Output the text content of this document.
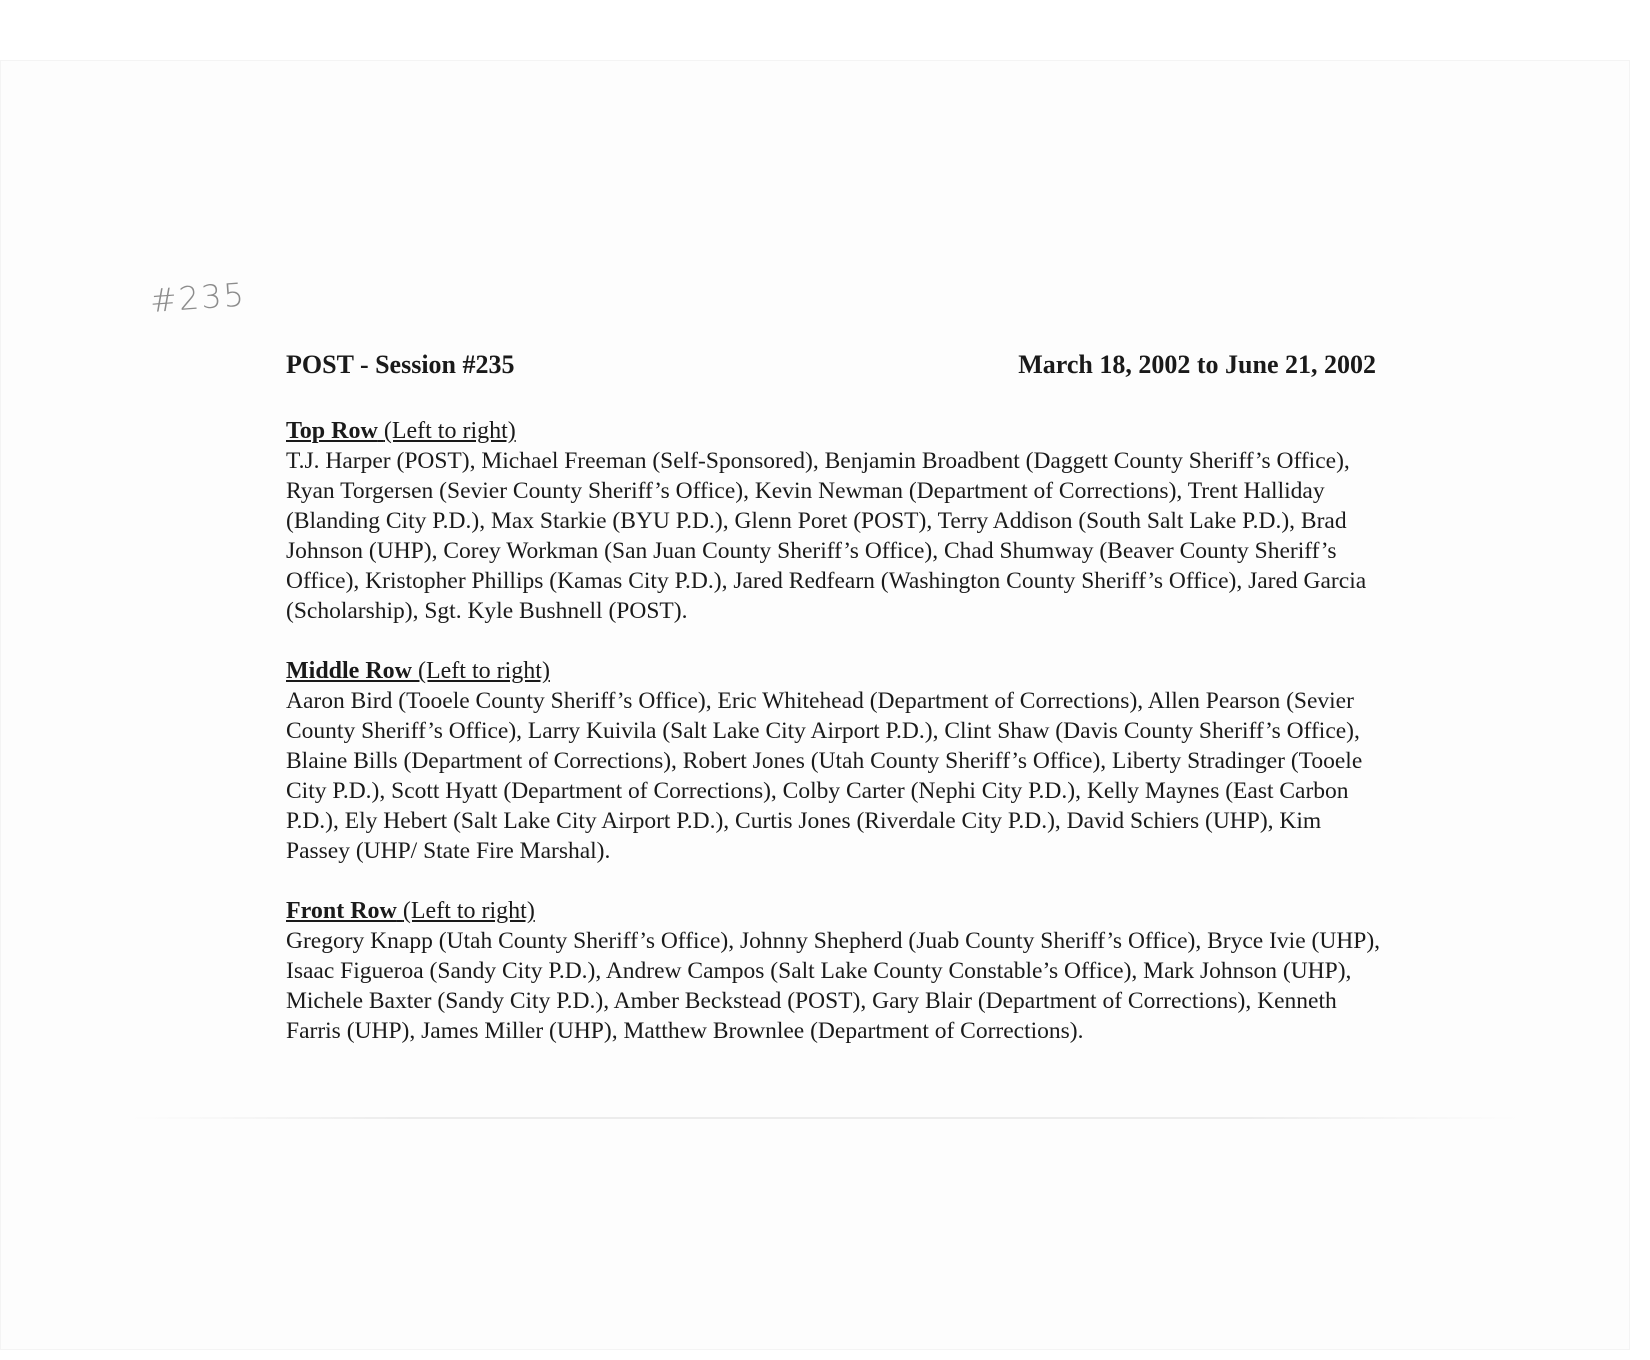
#235
POST - Session #235	March 18, 2002 to June 21, 2002
Top Row (Left to right)

T.J. Harper (POST), Michael Freeman (Self-Sponsored), Benjamin Broadbent (Daggett County Sheriff’s Office), Ryan Torgersen (Sevier County Sheriff’s Office), Kevin Newman (Department of Corrections), Trent Halliday (Blanding City P.D.), Max Starkie (BYU P.D.), Glenn Poret (POST), Terry Addison (South Salt Lake P.D.), Brad Johnson (UHP), Corey Workman (San Juan County Sheriff’s Office), Chad Shumway (Beaver County Sheriff’s Office), Kristopher Phillips (Kamas City P.D.), Jared Redfearn (Washington County Sheriff’s Office), Jared Garcia (Scholarship), Sgt. Kyle Bushnell (POST).

Middle Row (Left to right)

Aaron Bird (Tooele County Sheriff’s Office), Eric Whitehead (Department of Corrections), Allen Pearson (Sevier County Sheriff’s Office), Larry Kuivila (Salt Lake City Airport P.D.), Clint Shaw (Davis County Sheriff’s Office), Blaine Bills (Department of Corrections), Robert Jones (Utah County Sheriff’s Office), Liberty Stradinger (Tooele City P.D.), Scott Hyatt (Department of Corrections), Colby Carter (Nephi City P.D.), Kelly Maynes (East Carbon P.D.), Ely Hebert (Salt Lake City Airport P.D.), Curtis Jones (Riverdale City P.D.), David Schiers (UHP), Kim Passey (UHP/ State Fire Marshal).

Front Row (Left to right)

Gregory Knapp (Utah County Sheriff’s Office), Johnny Shepherd (Juab County Sheriff’s Office), Bryce Ivie (UHP), Isaac Figueroa (Sandy City P.D.), Andrew Campos (Salt Lake County Constable’s Office), Mark Johnson (UHP), Michele Baxter (Sandy City P.D.), Amber Beckstead (POST), Gary Blair (Department of Corrections), Kenneth Farris (UHP), James Miller (UHP), Matthew Brownlee (Department of Corrections).
